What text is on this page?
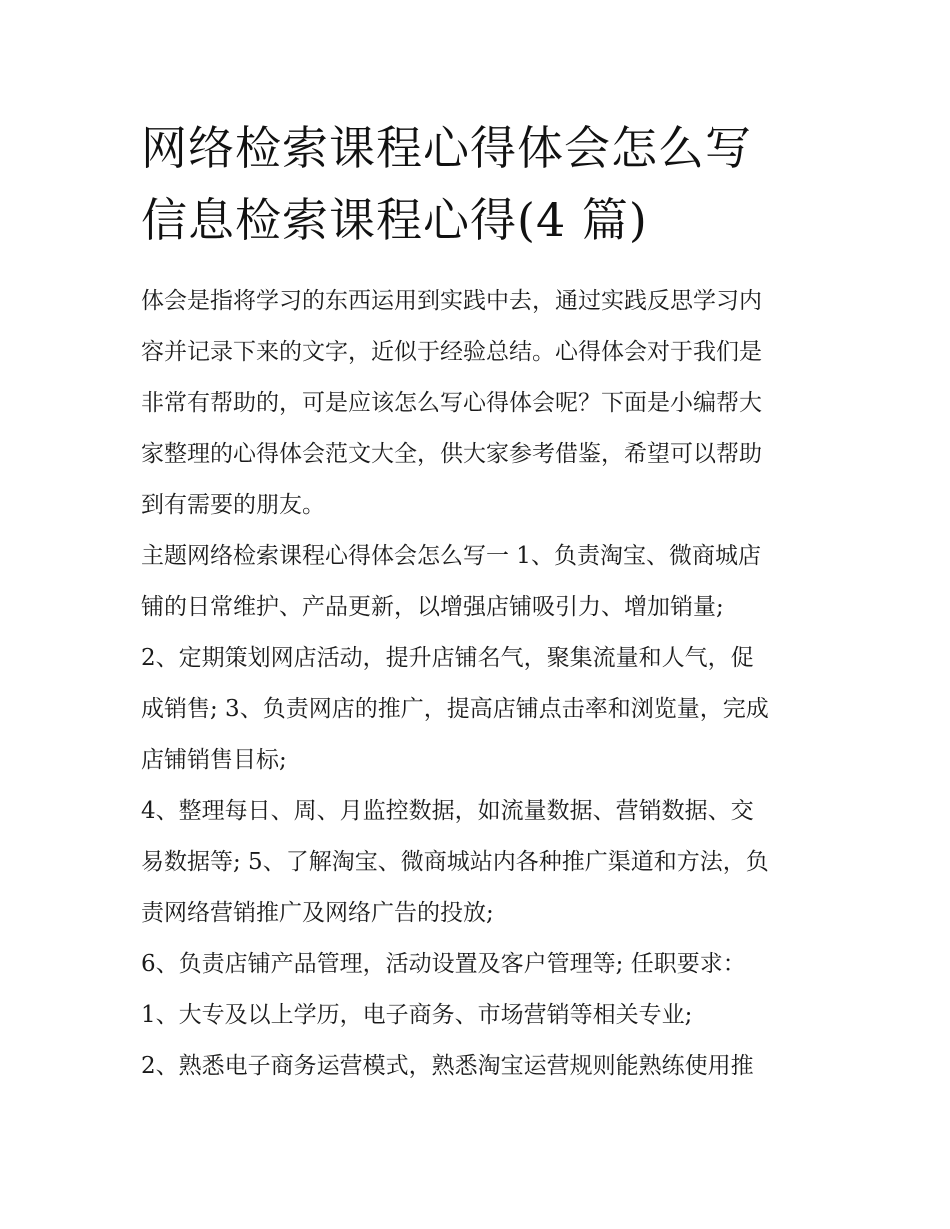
网络检索课程心得体会怎么写
信息检索课程心得(4 篇)

体会是指将学习的东西运用到实践中去，通过实践反思学习内
容并记录下来的文字，近似于经验总结。心得体会对于我们是
非常有帮助的，可是应该怎么写心得体会呢？下面是小编帮大
家整理的心得体会范文大全，供大家参考借鉴，希望可以帮助
到有需要的朋友。

主题网络检索课程心得体会怎么写一 1、负责淘宝、微商城店
铺的日常维护、产品更新，以增强店铺吸引力、增加销量;

2、定期策划网店活动，提升店铺名气，聚集流量和人气，促
成销售; 3、负责网店的推广，提高店铺点击率和浏览量，完成
店铺销售目标;

4、整理每日、周、月监控数据，如流量数据、营销数据、交
易数据等; 5、了解淘宝、微商城站内各种推广渠道和方法，负
责网络营销推广及网络广告的投放;

6、负责店铺产品管理，活动设置及客户管理等; 任职要求：

1、大专及以上学历，电子商务、市场营销等相关专业;

2、熟悉电子商务运营模式，熟悉淘宝运营规则能熟练使用推
